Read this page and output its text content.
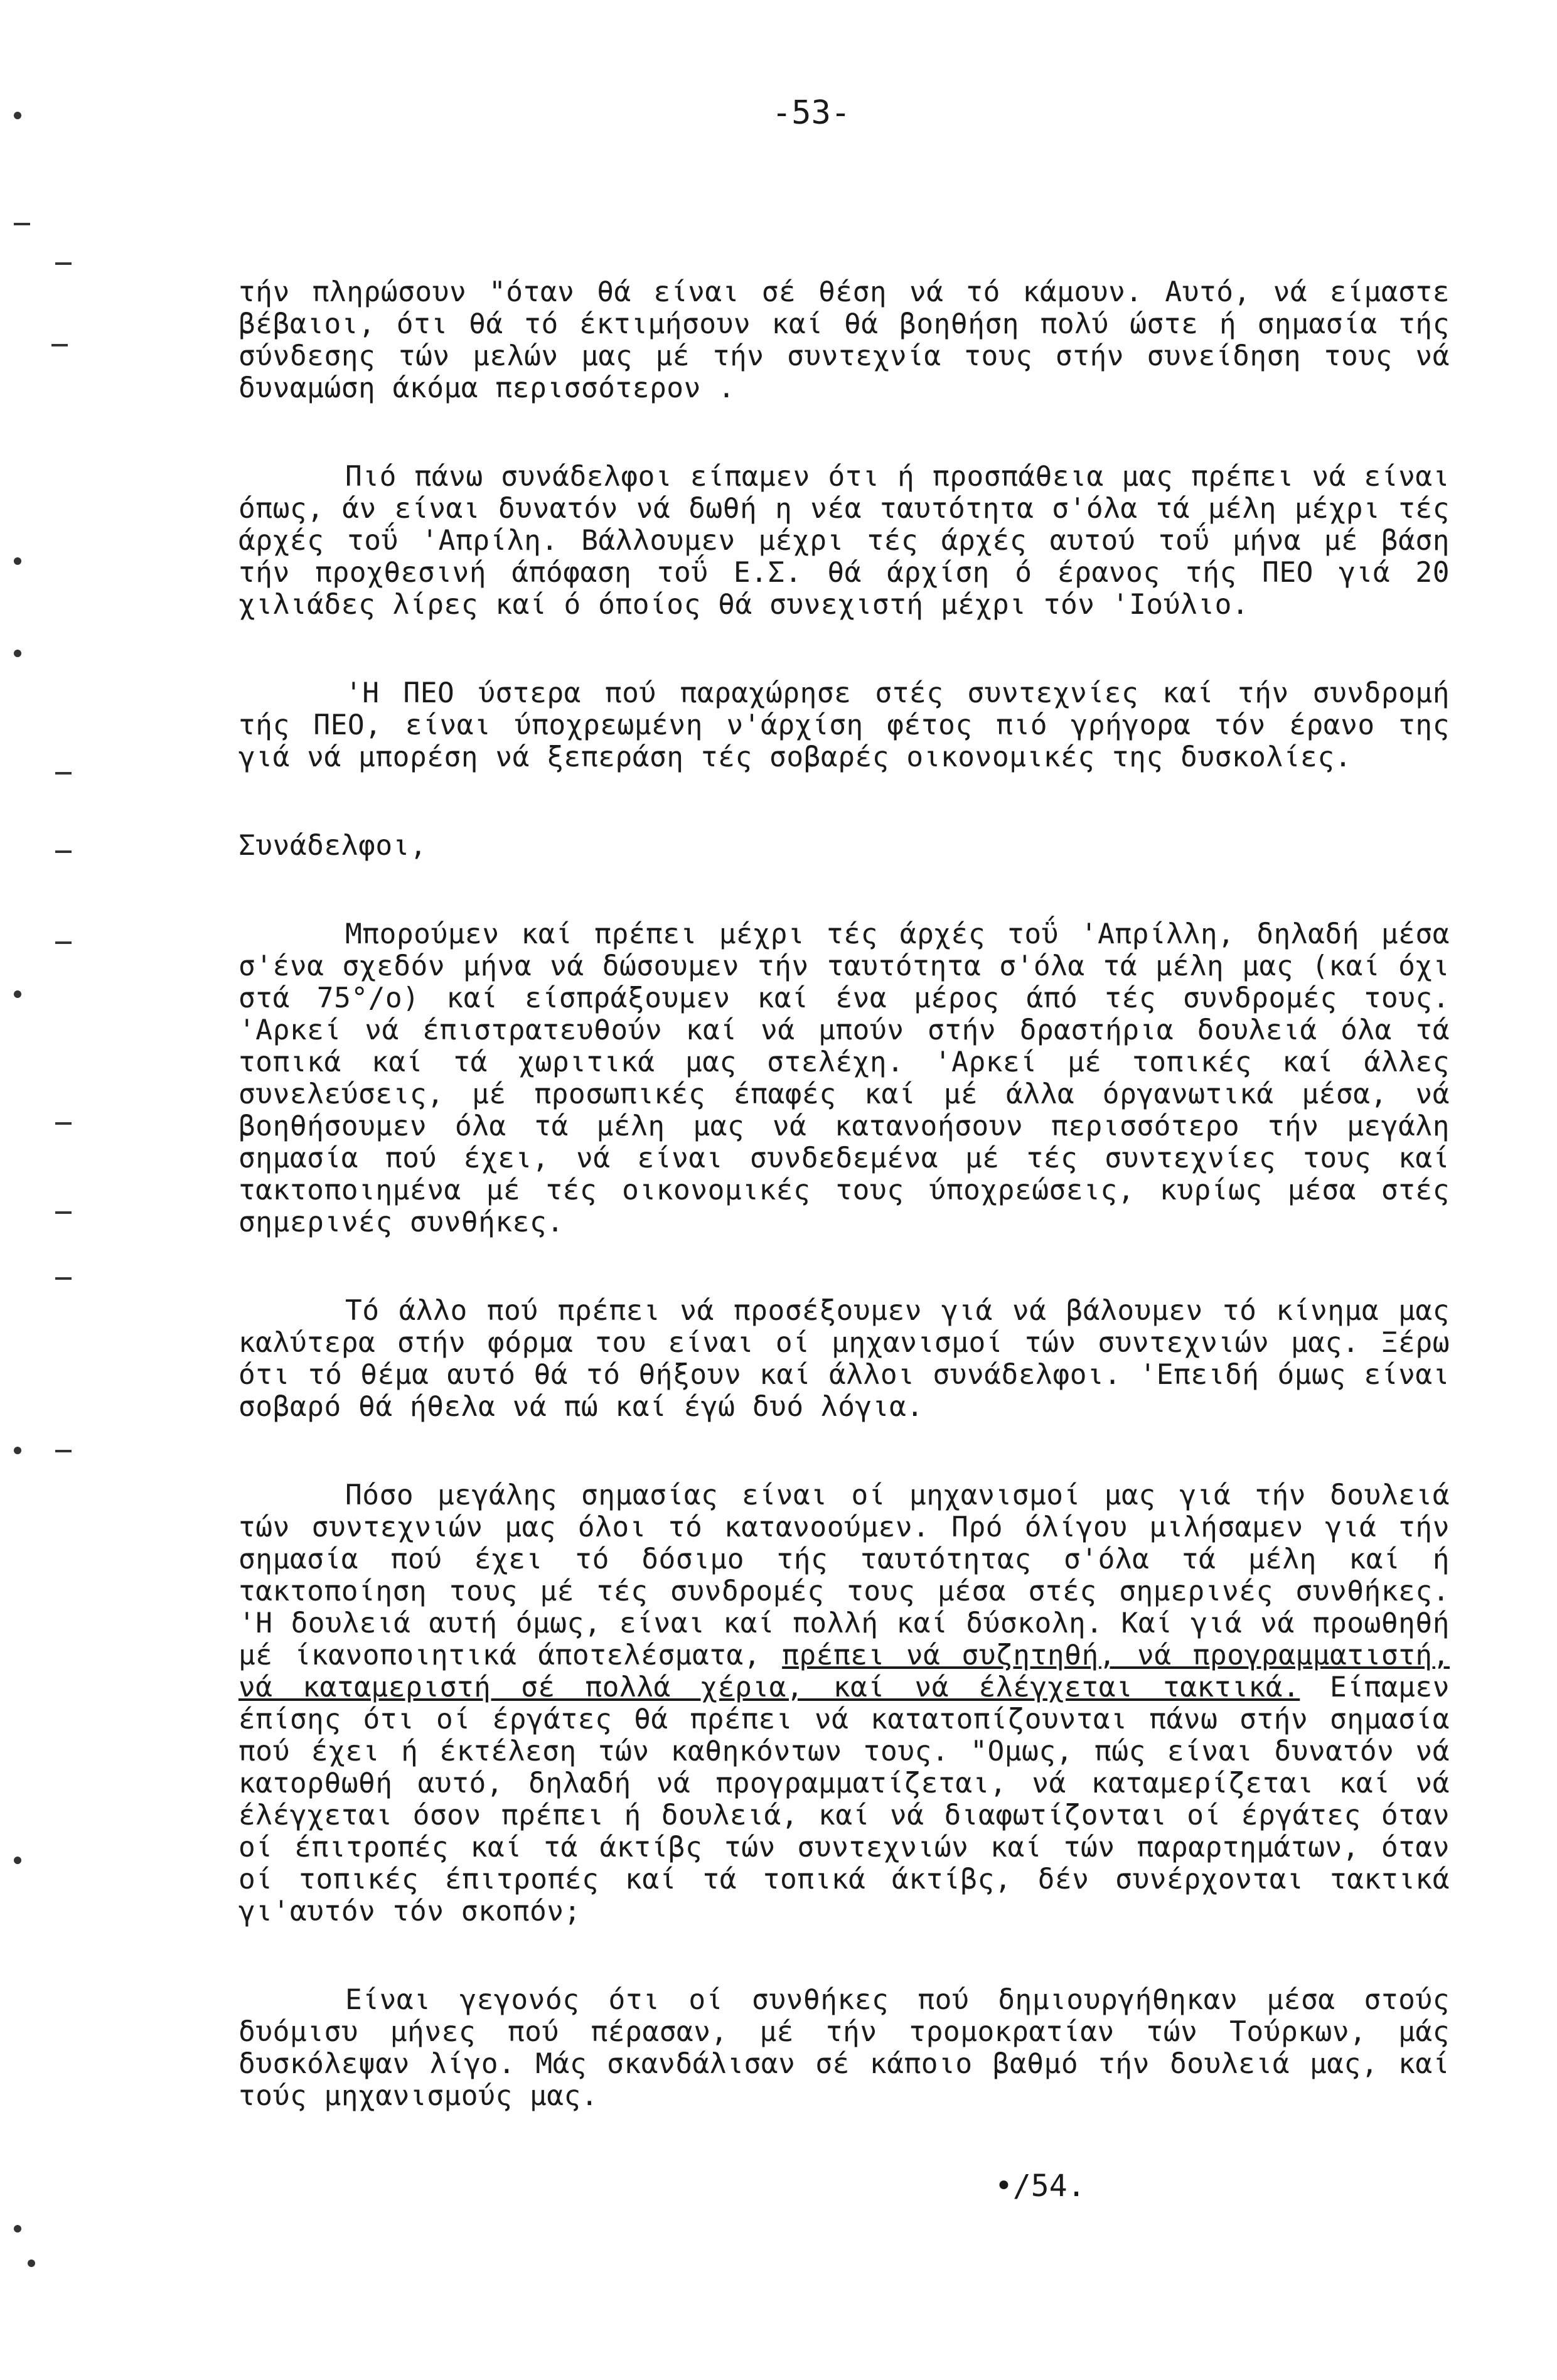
-53-

τήν πληρώσουν "όταν θά είναι σέ θέση νά τό κάμουν. Αυτό, νά είμαστε βέβαιοι, ότι θά τό έκτιμήσουν καί θά βοηθήση πολύ ώστε ή σημασία τής σύνδεσης τών μελών μας μέ τήν συντεχνία τους στήν συνείδηση τους νά δυναμώση άκόμα περισσότερον .

Πιό πάνω συνάδελφοι είπαμεν ότι ή προσπάθεια μας πρέπει νά είναι όπως, άν είναι δυνατόν νά δωθή η νέα ταυτότητα σ'όλα τά μέλη μέχρι τές άρχές τοΰ 'Απρίλη. Βάλλουμεν μέχρι τές άρχές αυτού τοΰ μήνα μέ βάση τήν προχθεσινή άπόφαση τοΰ Ε.Σ. θά άρχίση ό έρανος τής ΠΕΟ γιά 20 χιλιάδες λίρες καί ό όποίος θά συνεχιστή μέχρι τόν 'Ιούλιο.

'Η ΠΕΟ ύστερα πού παραχώρησε στές συντεχνίες καί τήν συνδρομή τής ΠΕΟ, είναι ύποχρεωμένη ν'άρχίση φέτος πιό γρήγορα τόν έρανο της γιά νά μπορέση νά ξεπεράση τές σοβαρές οικονομικές της δυσκολίες.

Συνάδελφοι,

Μπορούμεν καί πρέπει μέχρι τές άρχές τοΰ 'Απρίλλη, δηλαδή μέσα σ'ένα σχεδόν μήνα νά δώσουμεν τήν ταυτότητα σ'όλα τά μέλη μας (καί όχι στά 75°/ο) καί είσπράξουμεν καί ένα μέρος άπό τές συνδρομές τους. 'Αρκεί νά έπιστρατευθούν καί νά μπούν στήν δραστήρια δουλειά όλα τά τοπικά καί τά χωριτικά μας στελέχη. 'Αρκεί μέ τοπικές καί άλλες συνελεύσεις, μέ προσωπικές έπαφές καί μέ άλλα όργανωτικά μέσα, νά βοηθήσουμεν όλα τά μέλη μας νά κατανοήσουν περισσότερο τήν μεγάλη σημασία πού έχει, νά είναι συνδεδεμένα μέ τές συντεχνίες τους καί τακτοποιημένα μέ τές οικονομικές τους ύποχρεώσεις, κυρίως μέσα στές σημερινές συνθήκες.

Τό άλλο πού πρέπει νά προσέξουμεν γιά νά βάλουμεν τό κίνημα μας καλύτερα στήν φόρμα του είναι οί μηχανισμοί τών συντεχνιών μας. Ξέρω ότι τό θέμα αυτό θά τό θήξουν καί άλλοι συνάδελφοι. 'Επειδή όμως είναι σοβαρό θά ήθελα νά πώ καί έγώ δυό λόγια.

Πόσο μεγάλης σημασίας είναι οί μηχανισμοί μας γιά τήν δουλειά τών συντεχνιών μας όλοι τό κατανοούμεν. Πρό όλίγου μιλήσαμεν γιά τήν σημασία πού έχει τό δόσιμο τής ταυτότητας σ'όλα τά μέλη καί ή τακτοποίηση τους μέ τές συνδρομές τους μέσα στές σημερινές συνθήκες. 'Η δουλειά αυτή όμως, είναι καί πολλή καί δύσκολη. Καί γιά νά προωθηθή μέ ίκανοποιητικά άποτελέσματα, πρέπει νά συζητηθή, νά προγραμματιστή, νά καταμεριστή σέ πολλά χέρια, καί νά έλέγχεται τακτικά. Είπαμεν έπίσης ότι οί έργάτες θά πρέπει νά κατατοπίζουνται πάνω στήν σημασία πού έχει ή έκτέλεση τών καθηκόντων τους. "Ομως, πώς είναι δυνατόν νά κατορθωθή αυτό, δηλαδή νά προγραμματίζεται, νά καταμερίζεται καί νά έλέγχεται όσον πρέπει ή δουλειά, καί νά διαφωτίζονται οί έργάτες όταν οί έπιτροπές καί τά άκτίβς τών συντεχνιών καί τών παραρτημάτων, όταν οί τοπικές έπιτροπές καί τά τοπικά άκτίβς, δέν συνέρχονται τακτικά γι'αυτόν τόν σκοπόν;

Είναι γεγονός ότι οί συνθήκες πού δημιουργήθηκαν μέσα στούς δυόμισυ μήνες πού πέρασαν, μέ τήν τρομοκρατίαν τών Τούρκων, μάς δυσκόλεψαν λίγο. Μάς σκανδάλισαν σέ κάποιο βαθμό τήν δουλειά μας, καί τούς μηχανισμούς μας.

•/54.
